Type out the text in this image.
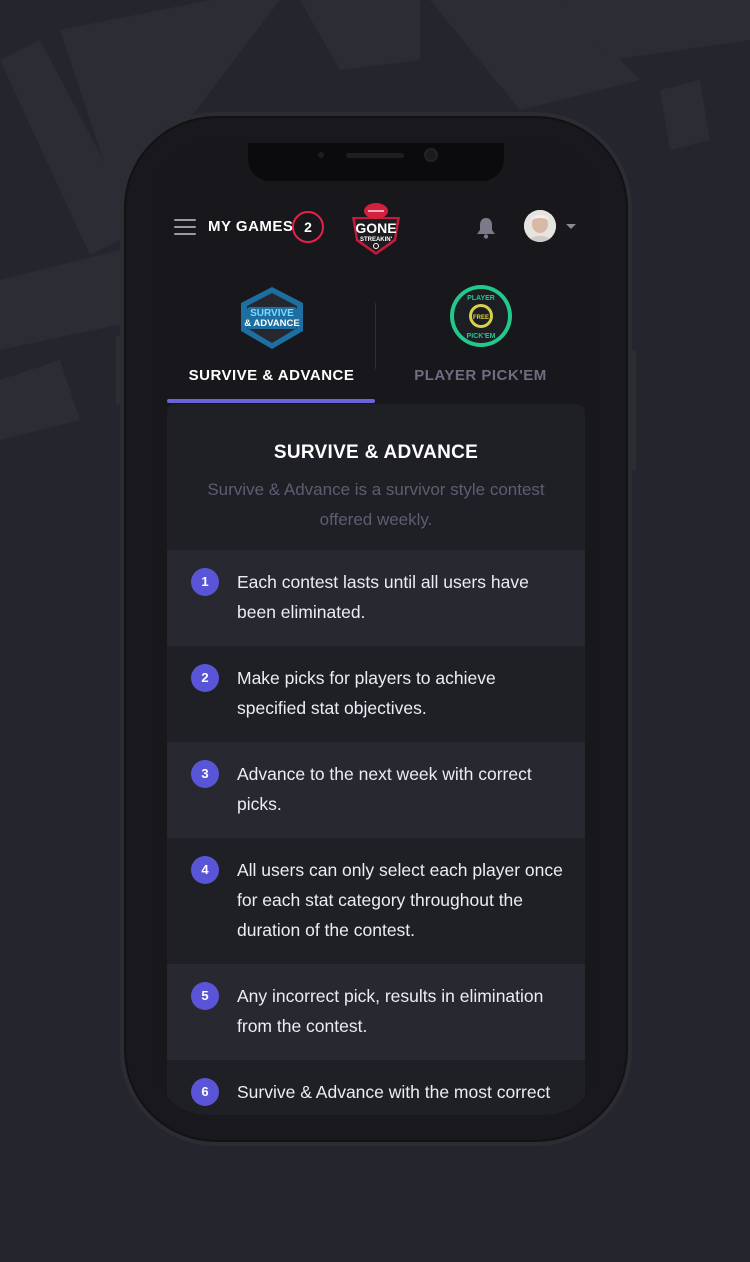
MY GAMES 2	GONE
STREAKIN'
SURVIVE
& ADVANCE
SURVIVE & ADVANCE
FREE
PLAYER
PICK'EM
PLAYER PICK'EM
SURVIVE & ADVANCE
Survive & Advance is a survivor style contest offered weekly.
1	Each contest lasts until all users have been eliminated.
2	Make picks for players to achieve specified stat objectives.
3	Advance to the next week with correct picks.
4	All users can only select each player once for each stat category throughout the duration of the contest.
5	Any incorrect pick, results in elimination from the contest.
6	Survive & Advance with the most correct
